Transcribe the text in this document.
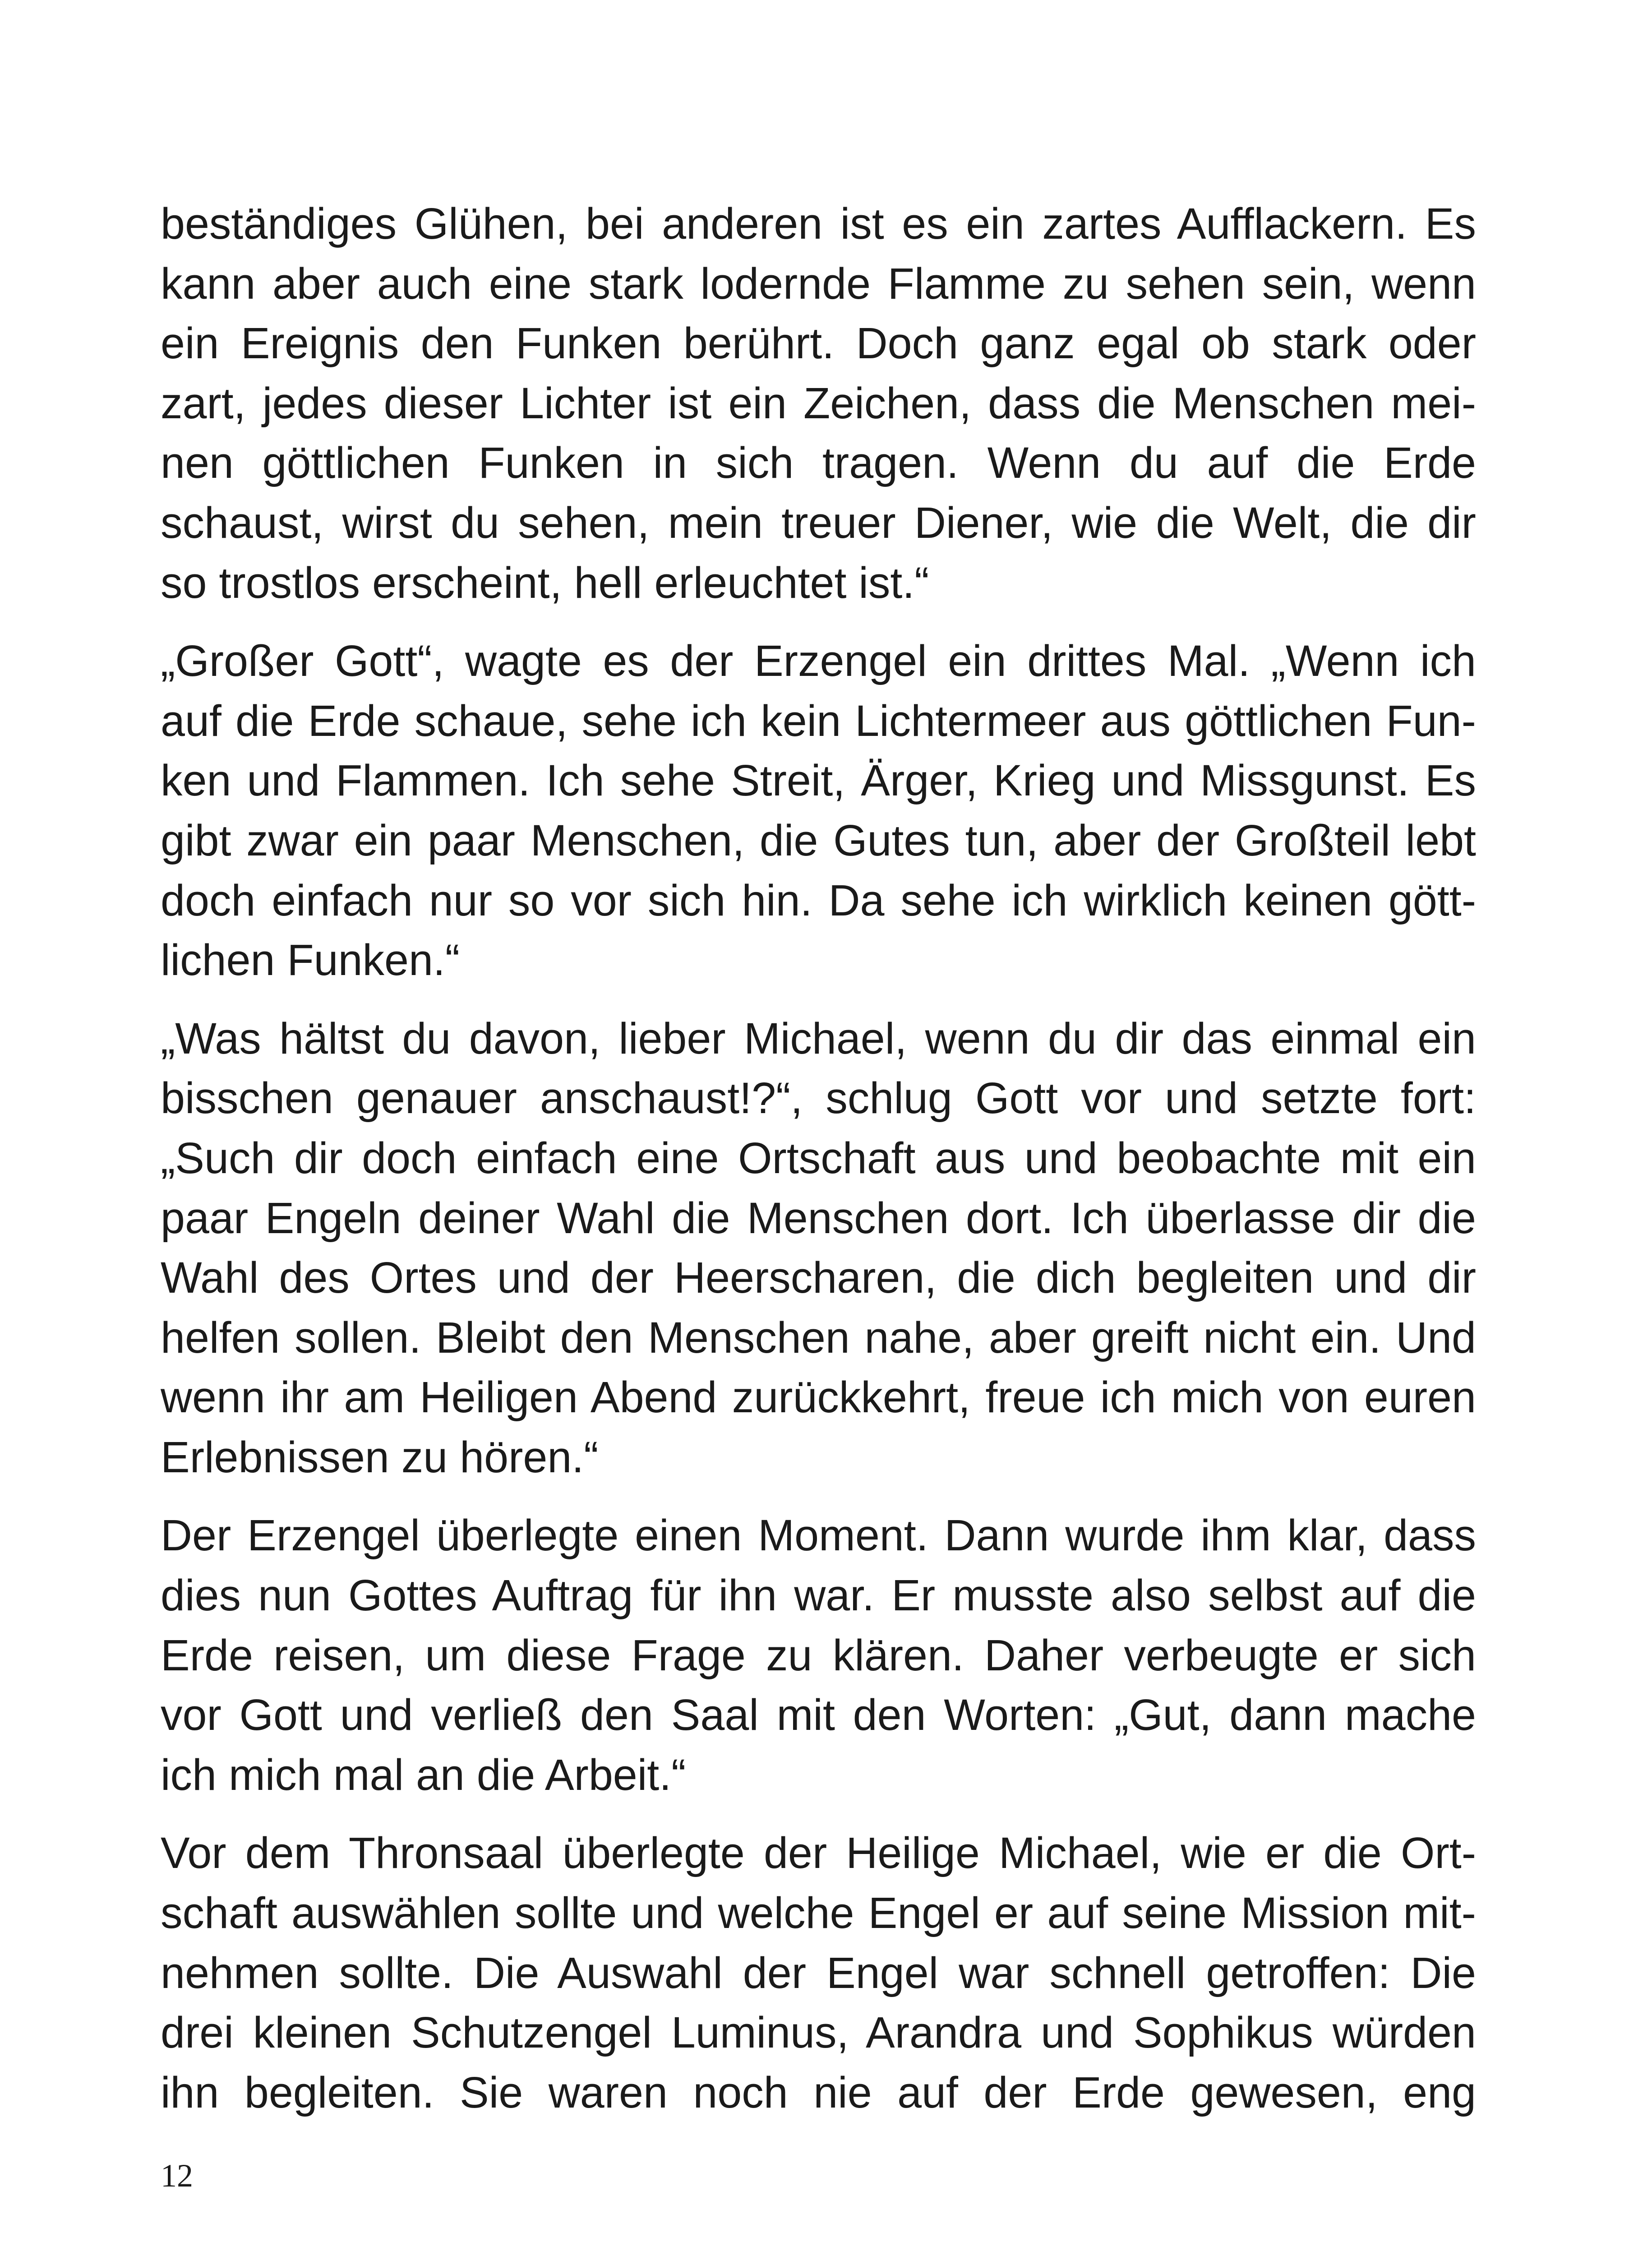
beständiges Glühen, bei anderen ist es ein zartes Aufflackern. Es
kann aber auch eine stark lodernde Flamme zu sehen sein, wenn
ein Ereignis den Funken berührt. Doch ganz egal ob stark oder
zart, jedes dieser Lichter ist ein Zeichen, dass die Menschen mei-
nen göttlichen Funken in sich tragen. Wenn du auf die Erde
schaust, wirst du sehen, mein treuer Diener, wie die Welt, die dir
so trostlos erscheint, hell erleuchtet ist.“
„Großer Gott“, wagte es der Erzengel ein drittes Mal. „Wenn ich
auf die Erde schaue, sehe ich kein Lichtermeer aus göttlichen Fun-
ken und Flammen. Ich sehe Streit, Ärger, Krieg und Missgunst. Es
gibt zwar ein paar Menschen, die Gutes tun, aber der Großteil lebt
doch einfach nur so vor sich hin. Da sehe ich wirklich keinen gött-
lichen Funken.“
„Was hältst du davon, lieber Michael, wenn du dir das einmal ein
bisschen genauer anschaust!?“, schlug Gott vor und setzte fort:
„Such dir doch einfach eine Ortschaft aus und beobachte mit ein
paar Engeln deiner Wahl die Menschen dort. Ich überlasse dir die
Wahl des Ortes und der Heerscharen, die dich begleiten und dir
helfen sollen. Bleibt den Menschen nahe, aber greift nicht ein. Und
wenn ihr am Heiligen Abend zurückkehrt, freue ich mich von euren
Erlebnissen zu hören.“
Der Erzengel überlegte einen Moment. Dann wurde ihm klar, dass
dies nun Gottes Auftrag für ihn war. Er musste also selbst auf die
Erde reisen, um diese Frage zu klären. Daher verbeugte er sich
vor Gott und verließ den Saal mit den Worten: „Gut, dann mache
ich mich mal an die Arbeit.“
Vor dem Thronsaal überlegte der Heilige Michael, wie er die Ort-
schaft auswählen sollte und welche Engel er auf seine Mission mit-
nehmen sollte. Die Auswahl der Engel war schnell getroffen: Die
drei kleinen Schutzengel Luminus, Arandra und Sophikus würden
ihn begleiten. Sie waren noch nie auf der Erde gewesen, eng
12
